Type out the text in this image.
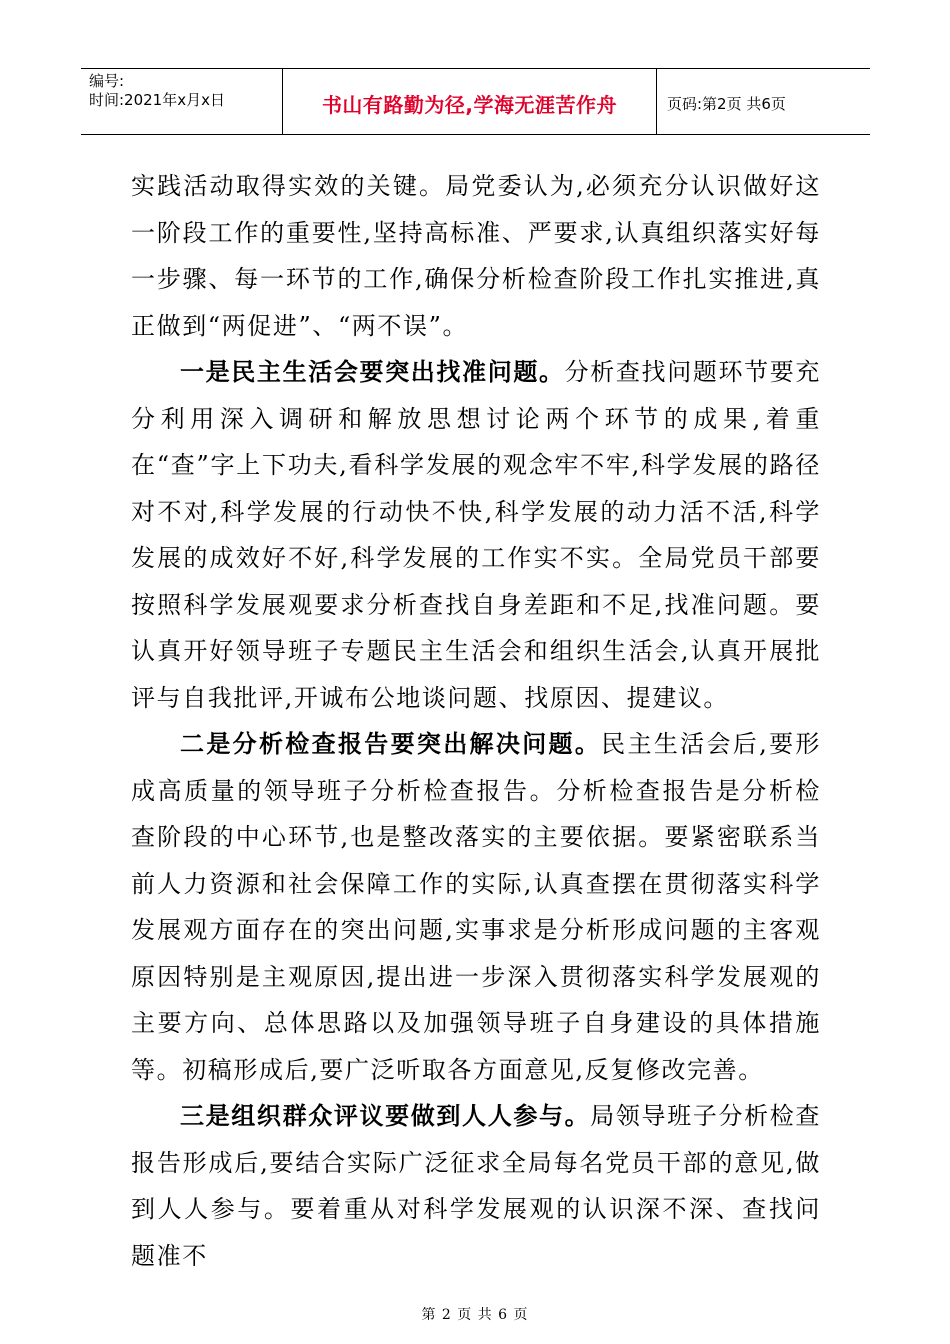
编号:
时间:2021年x月x日	书山有路勤为径,学海无涯苦作舟	页码:第2页 共6页

实践活动取得实效的关键。局党委认为,必须充分认识做好这一阶段工作的重要性,坚持高标准、严要求,认真组织落实好每一步骤、每一环节的工作,确保分析检查阶段工作扎实推进,真正做到“两促进”、“两不误”。

一是民主生活会要突出找准问题。分析查找问题环节要充分利用深入调研和解放思想讨论两个环节的成果,着重在“查”字上下功夫,看科学发展的观念牢不牢,科学发展的路径对不对,科学发展的行动快不快,科学发展的动力活不活,科学发展的成效好不好,科学发展的工作实不实。全局党员干部要按照科学发展观要求分析查找自身差距和不足,找准问题。要认真开好领导班子专题民主生活会和组织生活会,认真开展批评与自我批评,开诚布公地谈问题、找原因、提建议。

二是分析检查报告要突出解决问题。民主生活会后,要形成高质量的领导班子分析检查报告。分析检查报告是分析检查阶段的中心环节,也是整改落实的主要依据。要紧密联系当前人力资源和社会保障工作的实际,认真查摆在贯彻落实科学发展观方面存在的突出问题,实事求是分析形成问题的主客观原因特别是主观原因,提出进一步深入贯彻落实科学发展观的主要方向、总体思路以及加强领导班子自身建设的具体措施等。初稿形成后,要广泛听取各方面意见,反复修改完善。

三是组织群众评议要做到人人参与。局领导班子分析检查报告形成后,要结合实际广泛征求全局每名党员干部的意见,做到人人参与。要着重从对科学发展观的认识深不深、查找问题准不

第 2 页 共 6 页
